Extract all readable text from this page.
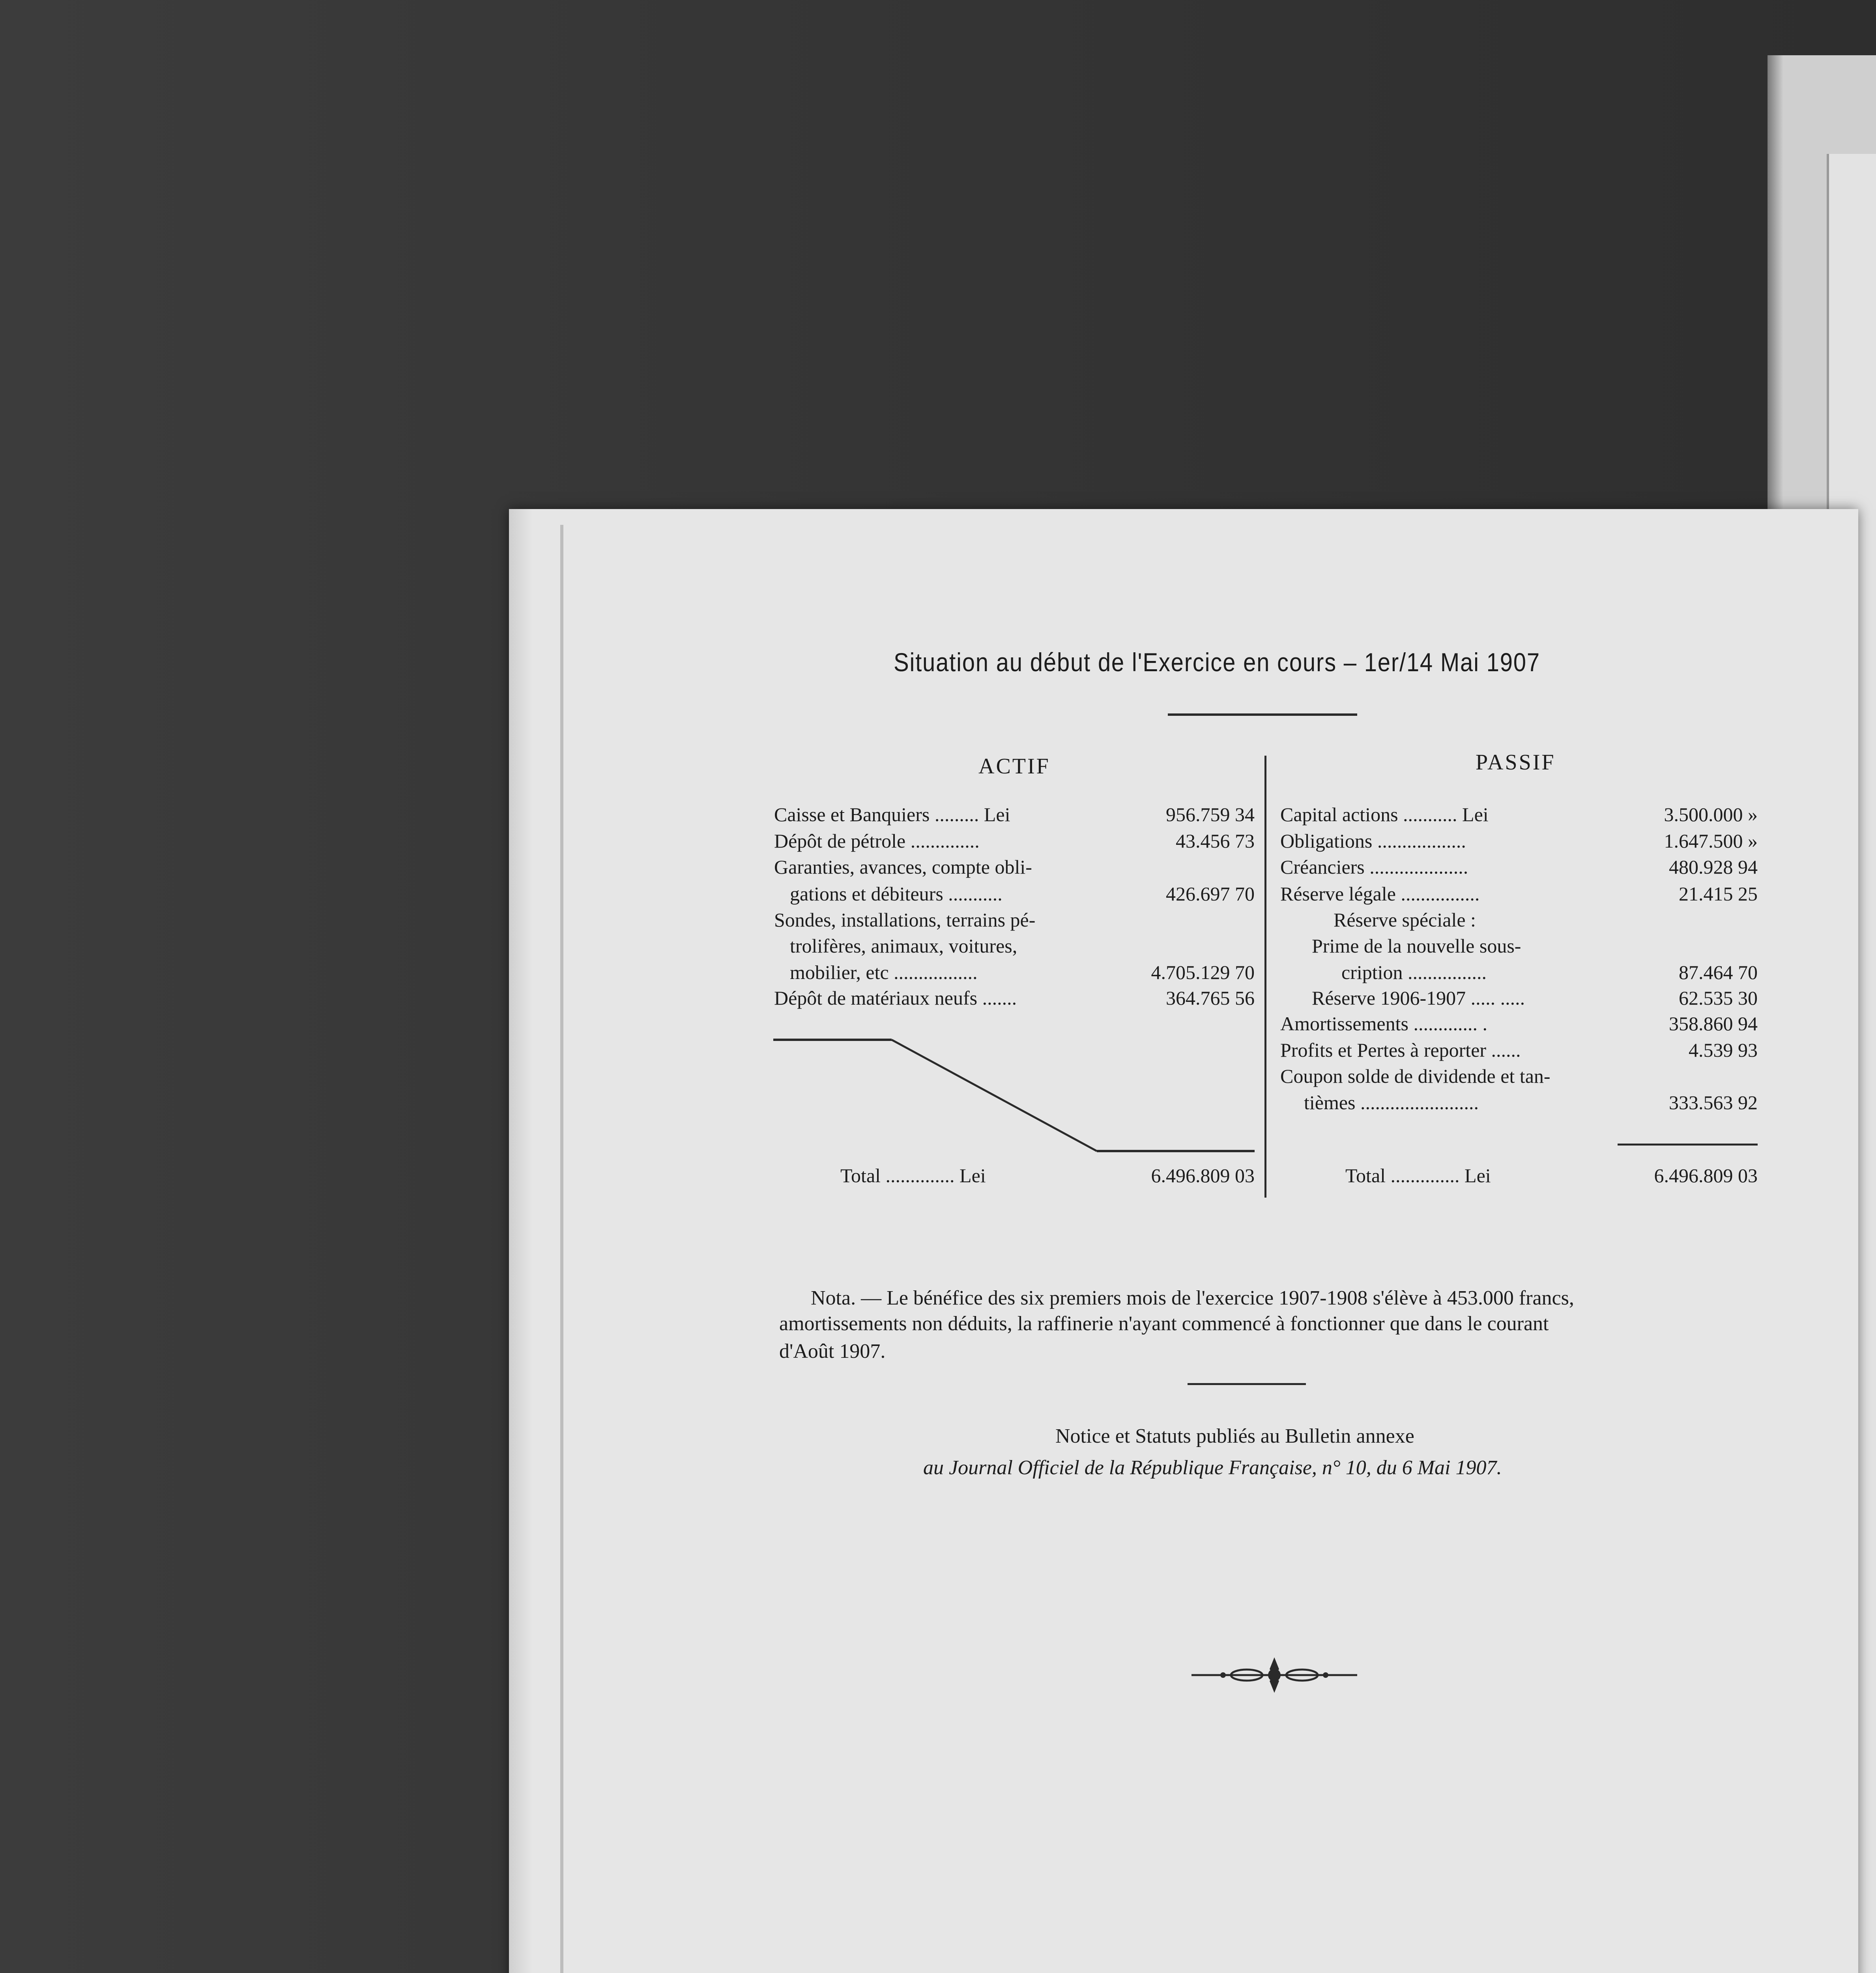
Situation au début de l'Exercice en cours – 1er/14 Mai 1907
ACTIF	PASSIF
Caisse et Banquiers ......... Lei	956.759 34
Dépôt de pétrole ..............	43.456 73
Garanties, avances, compte obli-
gations et débiteurs ...........	426.697 70
Sondes, installations, terrains pé-
trolifères, animaux, voitures,
mobilier, etc .................	4.705.129 70
Dépôt de matériaux neufs .......	364.765 56
Total .............. Lei	6.496.809 03
Capital actions ........... Lei	3.500.000 »
Obligations ..................	1.647.500 »
Créanciers ....................	480.928 94
Réserve légale ................	21.415 25
Réserve spéciale :
Prime de la nouvelle sous-
cription ................	87.464 70
Réserve 1906-1907 ..... .....	62.535 30
Amortissements ............. .	358.860 94
Profits et Pertes à reporter ......	4.539 93
Coupon solde de dividende et tan-
tièmes ........................	333.563 92
Total .............. Lei	6.496.809 03
Nota. — Le bénéfice des six premiers mois de l'exercice 1907-1908 s'élève à 453.000 francs,
amortissements non déduits, la raffinerie n'ayant commencé à fonctionner que dans le courant
d'Août 1907.
Notice et Statuts publiés au Bulletin annexe
au Journal Officiel de la République Française, n° 10, du 6 Mai 1907.
